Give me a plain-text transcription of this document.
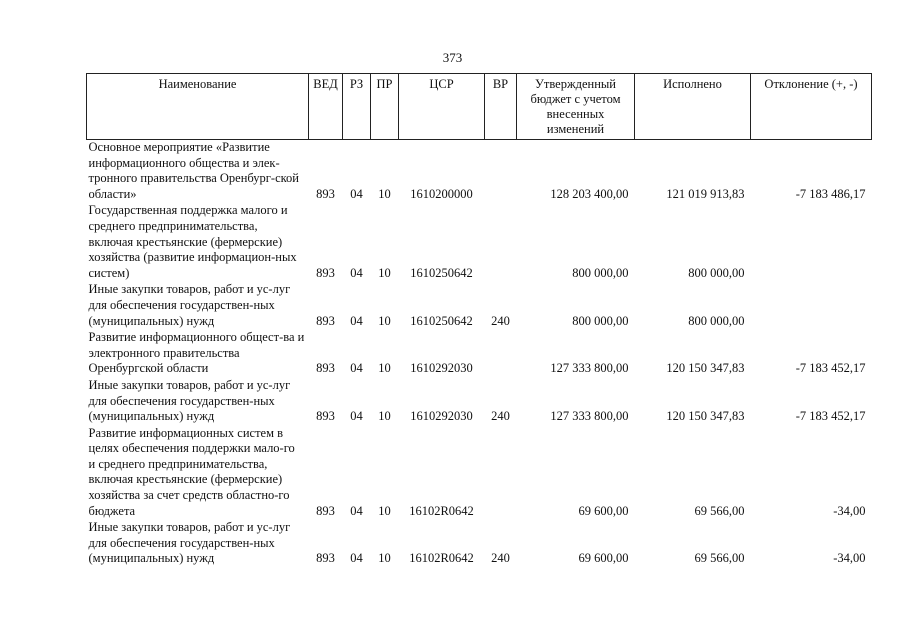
373
Наименование	ВЕД	РЗ	ПР	ЦСР	ВР	Утвержденный бюджет с учетом внесенных изменений	Исполнено	Отклонение (+, -)
Основное мероприятие «Развитие информационного общества и элек-тронного правительства Оренбург-ской области»	893	04	10	1610200000		128 203 400,00	121 019 913,83	-7 183 486,17
Государственная поддержка малого и среднего предпринимательства, включая крестьянские (фермерские) хозяйства (развитие информацион-ных систем)	893	04	10	1610250642		800 000,00	800 000,00	
Иные закупки товаров, работ и ус-луг для обеспечения государствен-ных (муниципальных) нужд	893	04	10	1610250642	240	800 000,00	800 000,00	
Развитие информационного общест-ва и электронного правительства Оренбургской области	893	04	10	1610292030		127 333 800,00	120 150 347,83	-7 183 452,17
Иные закупки товаров, работ и ус-луг для обеспечения государствен-ных (муниципальных) нужд	893	04	10	1610292030	240	127 333 800,00	120 150 347,83	-7 183 452,17
Развитие информационных систем в целях обеспечения поддержки мало-го и среднего предпринимательства, включая крестьянские (фермерские) хозяйства за счет средств областно-го бюджета	893	04	10	16102R0642		69 600,00	69 566,00	-34,00
Иные закупки товаров, работ и ус-луг для обеспечения государствен-ных (муниципальных) нужд	893	04	10	16102R0642	240	69 600,00	69 566,00	-34,00
